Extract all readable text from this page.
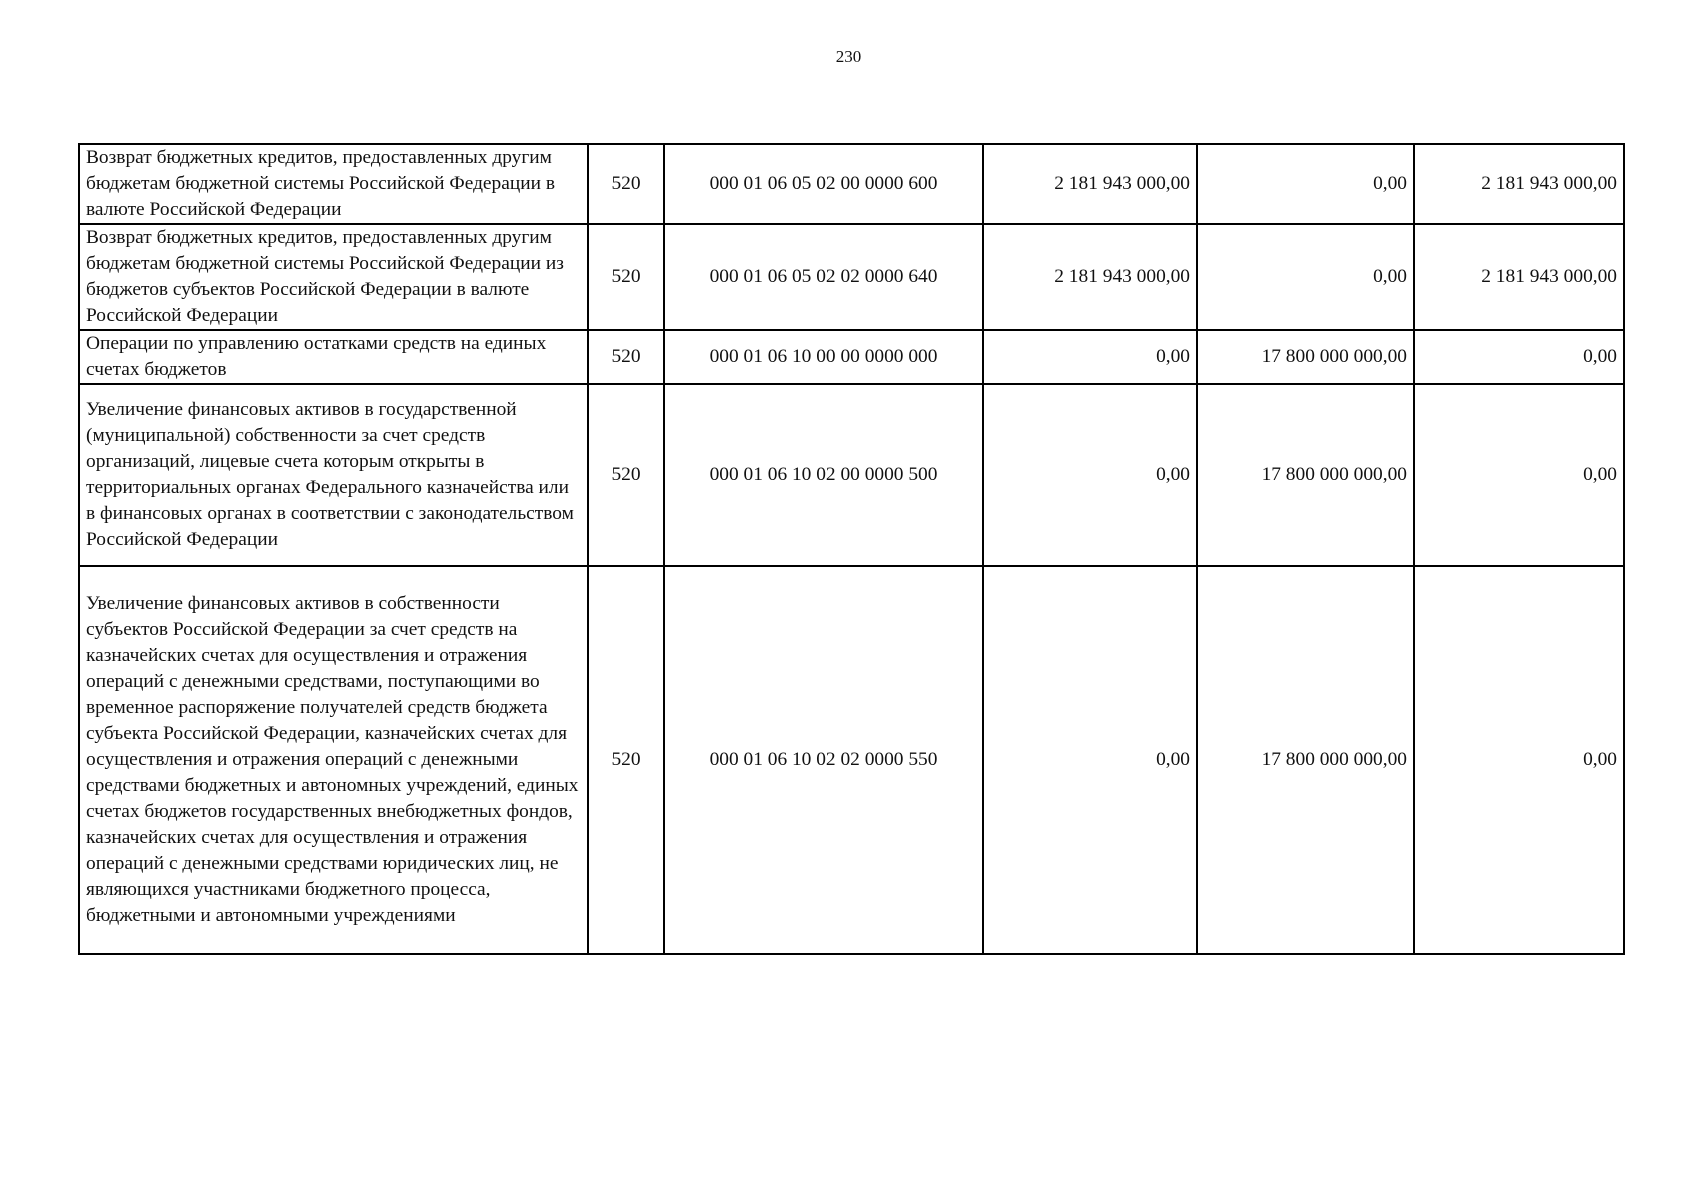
230
Возврат бюджетных кредитов, предоставленных другим бюджетам бюджетной системы Российской Федерации в валюте Российской Федерации	520	000 01 06 05 02 00 0000 600	2 181 943 000,00	0,00	2 181 943 000,00
Возврат бюджетных кредитов, предоставленных другим бюджетам бюджетной системы Российской Федерации из бюджетов субъектов Российской Федерации в валюте Российской Федерации	520	000 01 06 05 02 02 0000 640	2 181 943 000,00	0,00	2 181 943 000,00
Операции по управлению остатками средств на единых счетах бюджетов	520	000 01 06 10 00 00 0000 000	0,00	17 800 000 000,00	0,00
Увеличение финансовых активов в государственной (муниципальной) собственности за счет средств организаций, лицевые счета которым открыты в территориальных органах Федерального казначейства или в финансовых органах в соответствии с законодательством Российской Федерации	520	000 01 06 10 02 00 0000 500	0,00	17 800 000 000,00	0,00
Увеличение финансовых активов в собственности субъектов Российской Федерации за счет средств на казначейских счетах для осуществления и отражения операций с денежными средствами, поступающими во временное распоряжение получателей средств бюджета субъекта Российской Федерации, казначейских счетах для осуществления и отражения операций с денежными средствами бюджетных и автономных учреждений, единых счетах бюджетов государственных внебюджетных фондов, казначейских счетах для осуществления и отражения операций с денежными средствами юридических лиц, не являющихся участниками бюджетного процесса, бюджетными и автономными учреждениями	520	000 01 06 10 02 02 0000 550	0,00	17 800 000 000,00	0,00
